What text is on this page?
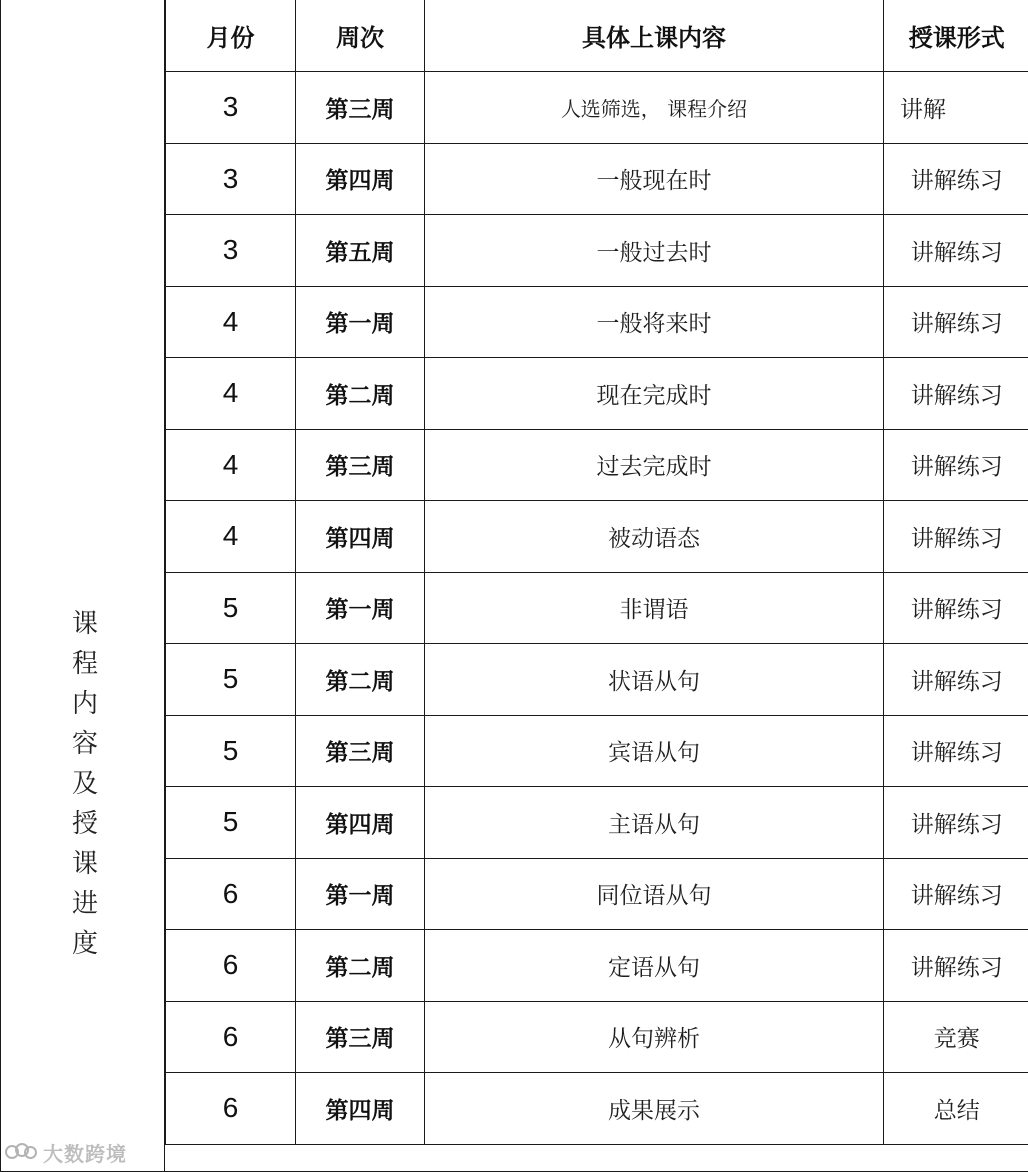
课
程
内
容
及
授
课
进
度
月份	周次	具体上课内容	授课形式
3	第三周	人选筛选， 课程介绍	讲解
3	第四周	一般现在时	讲解练习
3	第五周	一般过去时	讲解练习
4	第一周	一般将来时	讲解练习
4	第二周	现在完成时	讲解练习
4	第三周	过去完成时	讲解练习
4	第四周	被动语态	讲解练习
5	第一周	非谓语	讲解练习
5	第二周	状语从句	讲解练习
5	第三周	宾语从句	讲解练习
5	第四周	主语从句	讲解练习
6	第一周	同位语从句	讲解练习
6	第二周	定语从句	讲解练习
6	第三周	从句辨析	竞赛
6	第四周	成果展示	总结
大数跨境
